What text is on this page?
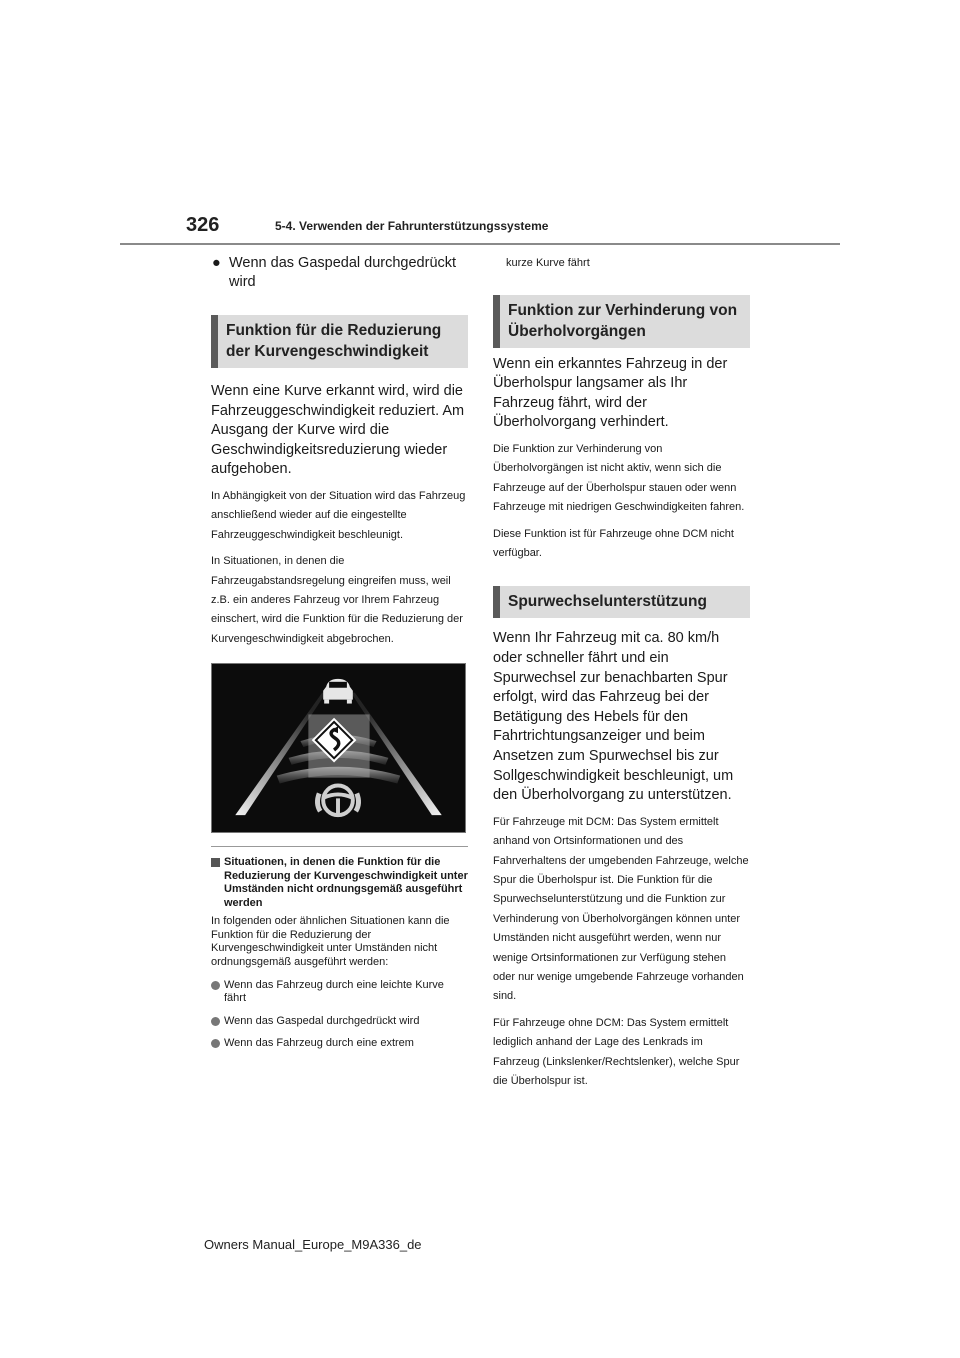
326	5-4. Verwenden der Fahrunterstützungssysteme

● Wenn das Gaspedal durchgedrückt wird

Funktion für die Reduzierung der Kurvengeschwindigkeit

Wenn eine Kurve erkannt wird, wird die Fahrzeuggeschwindigkeit reduziert. Am Ausgang der Kurve wird die Geschwindigkeitsreduzierung wieder aufgehoben.

In Abhängigkeit von der Situation wird das Fahrzeug anschließend wieder auf die eingestellte Fahrzeuggeschwindigkeit beschleunigt.

In Situationen, in denen die Fahrzeugabstandsregelung eingreifen muss, weil z.B. ein anderes Fahrzeug vor Ihrem Fahrzeug einschert, wird die Funktion für die Reduzierung der Kurvengeschwindigkeit abgebrochen.

Situationen, in denen die Funktion für die Reduzierung der Kurvengeschwindigkeit unter Umständen nicht ordnungsgemäß ausgeführt werden

In folgenden oder ähnlichen Situationen kann die Funktion für die Reduzierung der Kurvengeschwindigkeit unter Umständen nicht ordnungsgemäß ausgeführt werden:

Wenn das Fahrzeug durch eine leichte Kurve fährt
Wenn das Gaspedal durchgedrückt wird
Wenn das Fahrzeug durch eine extrem

kurze Kurve fährt

Funktion zur Verhinderung von Überholvorgängen

Wenn ein erkanntes Fahrzeug in der Überholspur langsamer als Ihr Fahrzeug fährt, wird der Überholvorgang verhindert.

Die Funktion zur Verhinderung von Überholvorgängen ist nicht aktiv, wenn sich die Fahrzeuge auf der Überholspur stauen oder wenn Fahrzeuge mit niedrigen Geschwindigkeiten fahren.

Diese Funktion ist für Fahrzeuge ohne DCM nicht verfügbar.

Spurwechselunterstützung

Wenn Ihr Fahrzeug mit ca. 80 km/h oder schneller fährt und ein Spurwechsel zur benachbarten Spur erfolgt, wird das Fahrzeug bei der Betätigung des Hebels für den Fahrtrichtungsanzeiger und beim Ansetzen zum Spurwechsel bis zur Sollgeschwindigkeit beschleunigt, um den Überholvorgang zu unterstützen.

Für Fahrzeuge mit DCM: Das System ermittelt anhand von Ortsinformationen und des Fahrverhaltens der umgebenden Fahrzeuge, welche Spur die Überholspur ist. Die Funktion für die Spurwechselunterstützung und die Funktion zur Verhinderung von Überholvorgängen können unter Umständen nicht ausgeführt werden, wenn nur wenige Ortsinformationen zur Verfügung stehen oder nur wenige umgebende Fahrzeuge vorhanden sind.

Für Fahrzeuge ohne DCM: Das System ermittelt lediglich anhand der Lage des Lenkrads im Fahrzeug (Linkslenker/Rechtslenker), welche Spur die Überholspur ist.

Owners Manual_Europe_M9A336_de
